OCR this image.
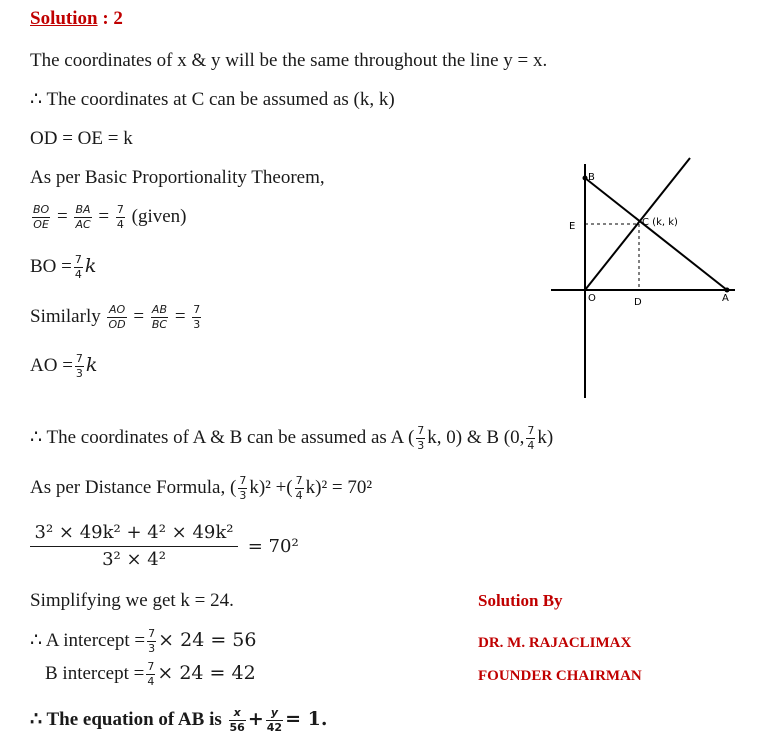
Solution : 2
The coordinates of x & y will be the same throughout the line y = x.
∴ The coordinates at C can be assumed as (k, k)
OD = OE = k
As per Basic Proportionality Theorem,
$\frac{BO}{OE} = \frac{BA}{AC} = \frac{7}{4}$ (given)
BO = $\frac{7}{4}$ k
Similarly $\frac{AO}{OD} = \frac{AB}{BC} = \frac{7}{3}$
AO = $\frac{7}{3}$ k
∴ The coordinates of A & B can be assumed as A ( $\frac{7}{3} k$, 0) & B (0, $\frac{7}{4} k$)
As per Distance Formula, ( $\frac{7}{3} k)^2$ +( $\frac{7}{4} k)^2 = 70^2$
$\frac{\text{3² × 49k² + 4² × 49k²}}{\text{3² × 4²}} = 70^2$
Simplifying we get k = 24.
∴ A intercept = $\frac{7}{3} \times 24 = 56$
B intercept = $\frac{7}{4} \times 24 = 42$
∴ The equation of AB is $\frac{x}{56} + \frac{y}{42} = 1$.
Solution By
DR. M. RAJACLIMAX
FOUNDER CHAIRMAN
B
E	C (k, k)
O	D	A
